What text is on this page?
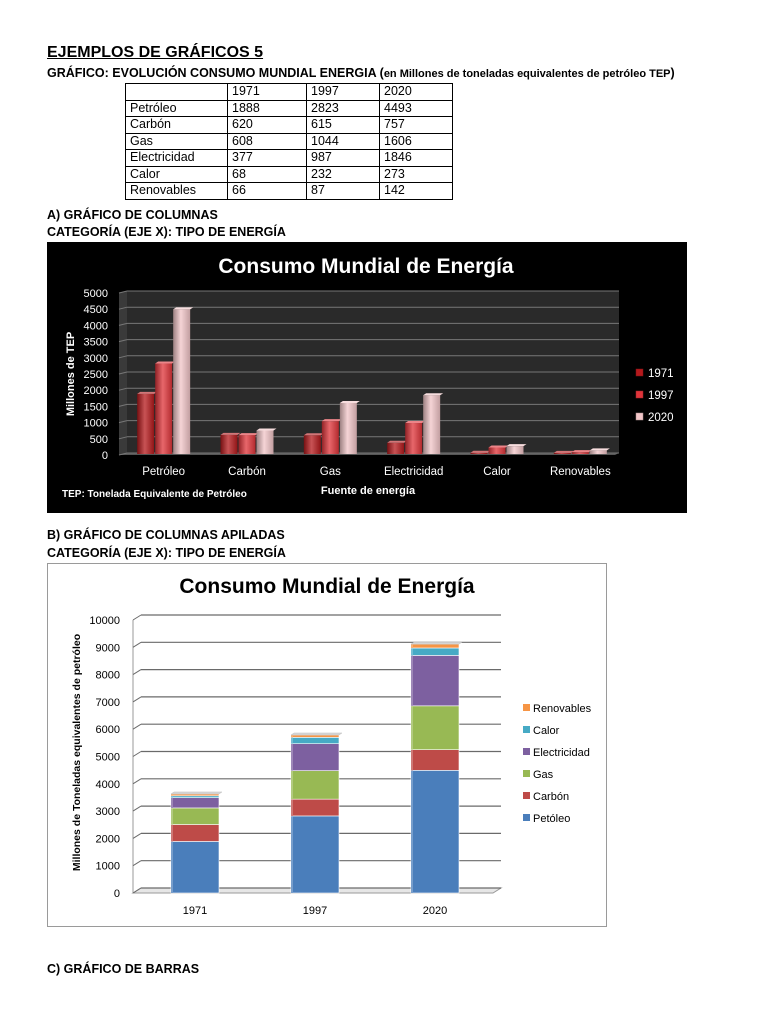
EJEMPLOS DE GRÁFICOS 5
GRÁFICO: EVOLUCIÓN CONSUMO MUNDIAL ENERGIA (en Millones de toneladas equivalentes de petróleo TEP)
	1971	1997	2020
Petróleo	1888	2823	4493
Carbón	620	615	757
Gas	608	1044	1606
Electricidad	377	987	1846
Calor	68	232	273
Renovables	66	87	142
A) GRÁFICO DE COLUMNAS
CATEGORÍA (EJE X): TIPO DE ENERGÍA
Consumo Mundial de Energía
0
500
1000
1500
2000
2500
3000
3500
4000
4500
5000
Millones de TEP
Petróleo	Carbón	Gas	Electricidad	Calor	Renovables
Fuente de energía
TEP: Tonelada Equivalente de Petróleo
1971
1997
2020
B) GRÁFICO DE COLUMNAS APILADAS
CATEGORÍA (EJE X): TIPO DE ENERGÍA
Consumo Mundial de Energía
0
1000
2000
3000
4000
5000
6000
7000
8000
9000
10000
Millones de Toneladas equivalentes de petróleo
1971	1997	2020
Renovables
Calor
Electricidad
Gas
Carbón
Petóleo
C) GRÁFICO DE BARRAS
